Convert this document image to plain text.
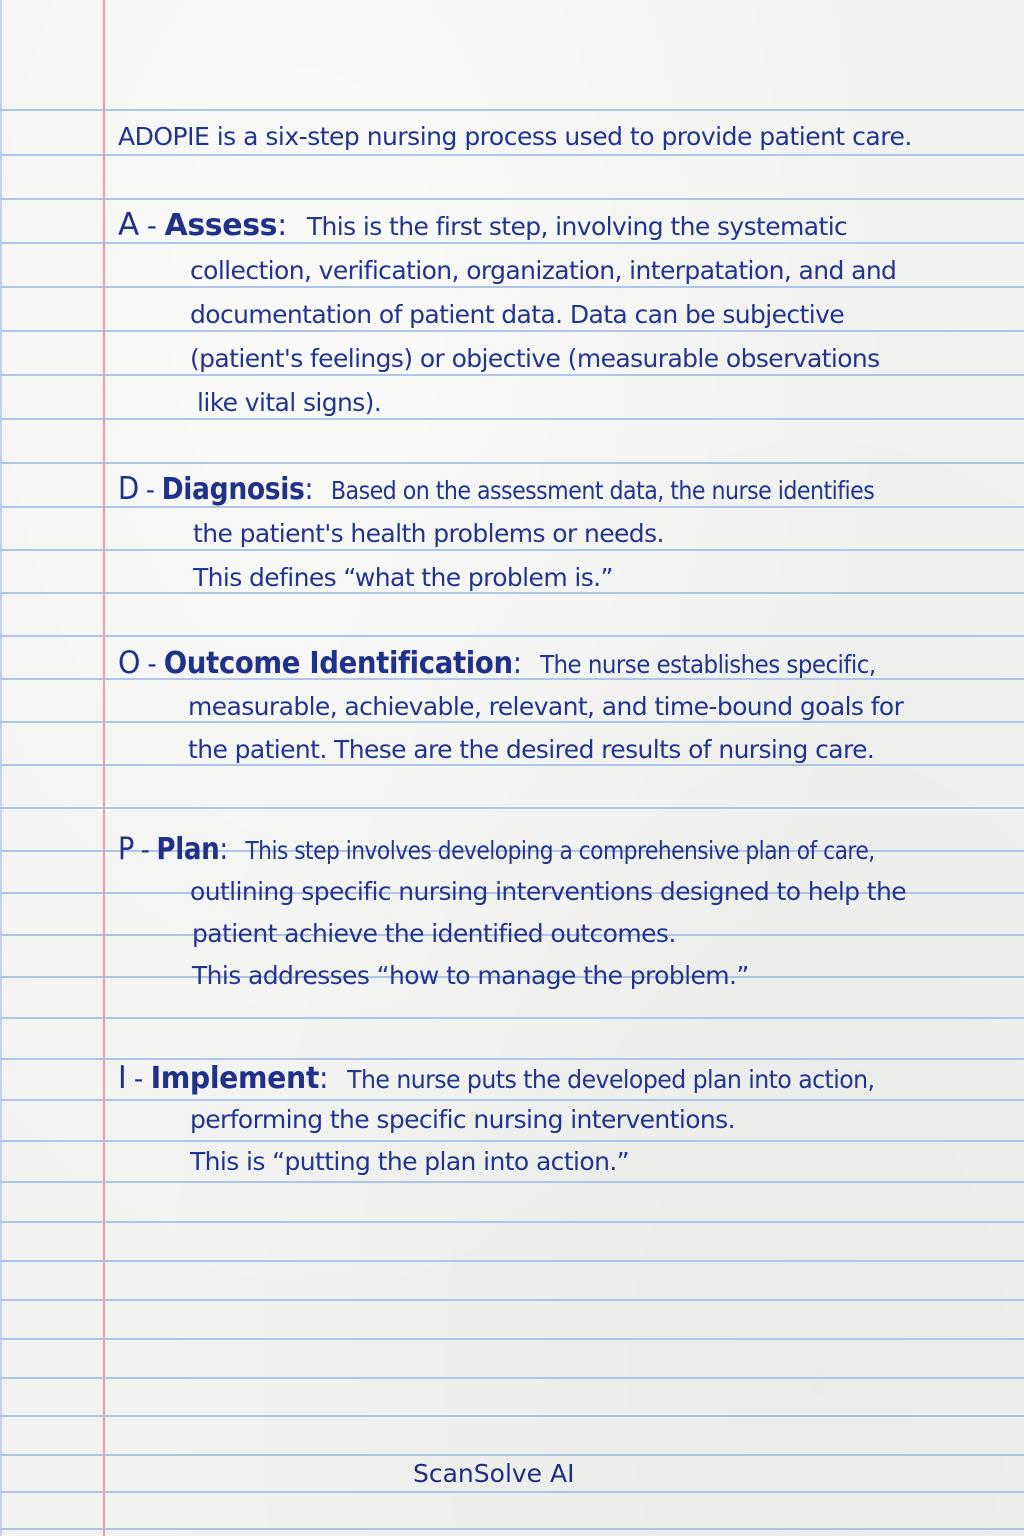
ADOPIE is a six-step nursing process used to provide patient care.
A - Assess: This is the first step, involving the systematic
collection, verification, organization, interpatation, and and
documentation of patient data. Data can be subjective
(patient's feelings) or objective (measurable observations
like vital signs).
D - Diagnosis: Based on the assessment data, the nurse identifies
the patient's health problems or needs.
This defines “what the problem is.”
O - Outcome Identification: The nurse establishes specific,
measurable, achievable, relevant, and time-bound goals for
the patient. These are the desired results of nursing care.
P - Plan: This step involves developing a comprehensive plan of care,
outlining specific nursing interventions designed to help the
patient achieve the identified outcomes.
This addresses “how to manage the problem.”
I - Implement: The nurse puts the developed plan into action,
performing the specific nursing interventions.
This is “putting the plan into action.”
ScanSolve AI
